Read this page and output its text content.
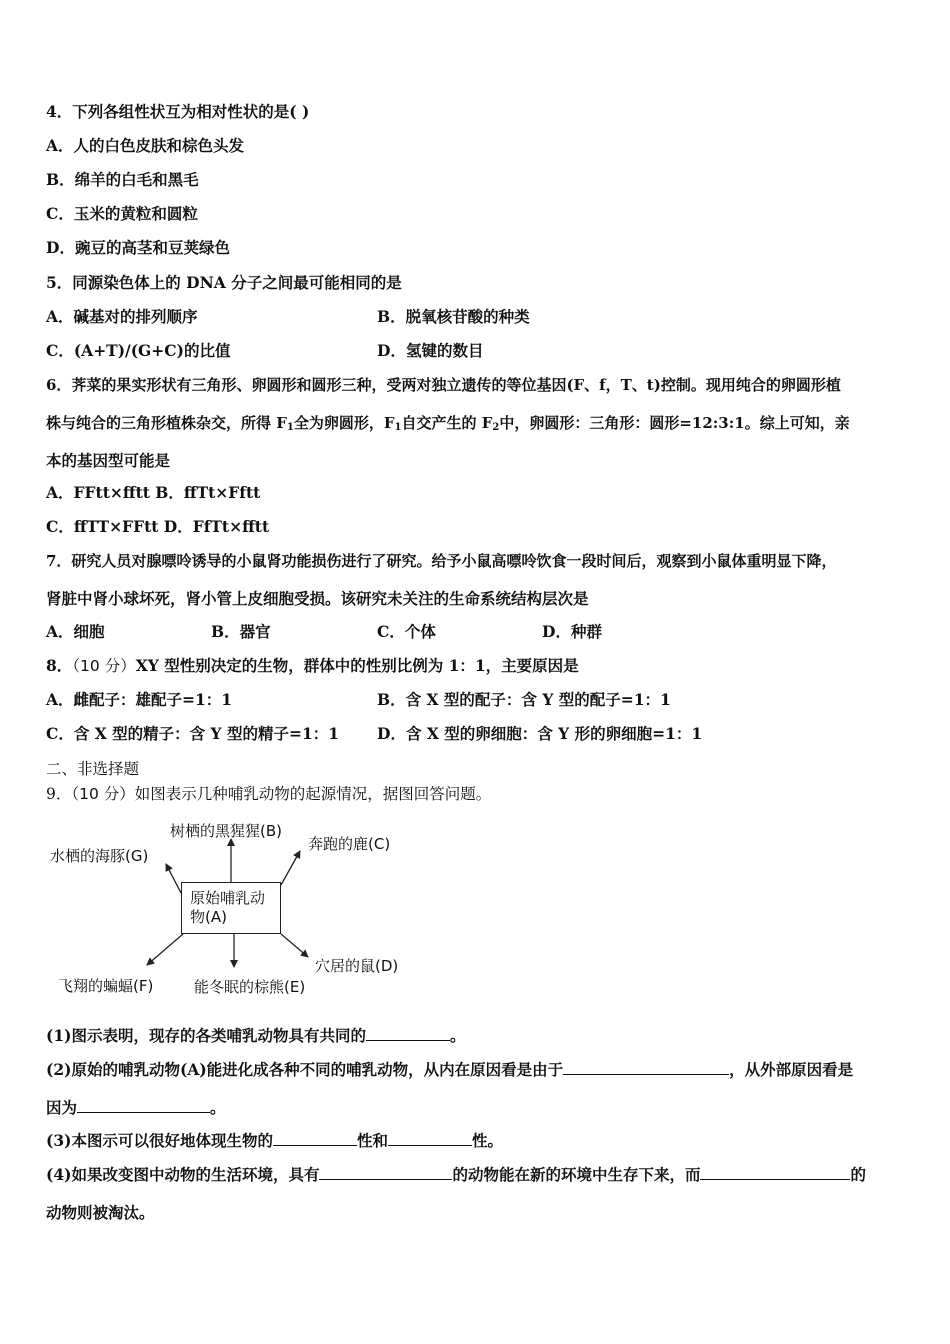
4．下列各组性状互为相对性状的是( )
A．人的白色皮肤和棕色头发
B．绵羊的白毛和黑毛
C．玉米的黄粒和圆粒
D．豌豆的高茎和豆荚绿色
5．同源染色体上的 DNA 分子之间最可能相同的是
A．碱基对的排列顺序	B．脱氧核苷酸的种类
C．(A+T)/(G+C)的比值	D．氢键的数目
6．荠菜的果实形状有三角形、卵圆形和圆形三种，受两对独立遗传的等位基因(F、f，T、t)控制。现用纯合的卵圆形植
株与纯合的三角形植株杂交，所得 $F_1$全为卵圆形，$F_1$自交产生的 $F_2$中，卵圆形：三角形：圆形=12:3:1。综上可知，亲
本的基因型可能是
A．FFtt×fftt B．ffTt×Fftt
C．ffTT×FFtt D．FfTt×fftt
7．研究人员对腺嘌呤诱导的小鼠肾功能损伤进行了研究。给予小鼠高嘌呤饮食一段时间后，观察到小鼠体重明显下降，
肾脏中肾小球坏死，肾小管上皮细胞受损。该研究未关注的生命系统结构层次是
A．细胞	B．器官	C．个体	D．种群
8．（10 分）XY 型性别决定的生物，群体中的性别比例为 1：1，主要原因是
A．雌配子：雄配子=1：1	B．含 X 型的配子：含 Y 型的配子=1：1
C．含 X 型的精子：含 Y 型的精子=1：1 D．含 X 型的卵细胞：含 Y 形的卵细胞=1：1
二、非选择题
9．（10 分）如图表示几种哺乳动物的起源情况，据图回答问题。
原始哺乳动物(A)
树栖的黑猩猩(B)
奔跑的鹿(C)
水栖的海豚(G)
穴居的鼠(D)
能冬眠的棕熊(E)
飞翔的蝙蝠(F)
(1)图示表明，现存的各类哺乳动物具有共同的	。
(2)原始的哺乳动物(A)能进化成各种不同的哺乳动物，从内在原因看是由于	，从外部原因看是
因为	。
(3)本图示可以很好地体现生物的	性和	性。
(4)如果改变图中动物的生活环境，具有	的动物能在新的环境中生存下来，而	的
动物则被淘汰。
